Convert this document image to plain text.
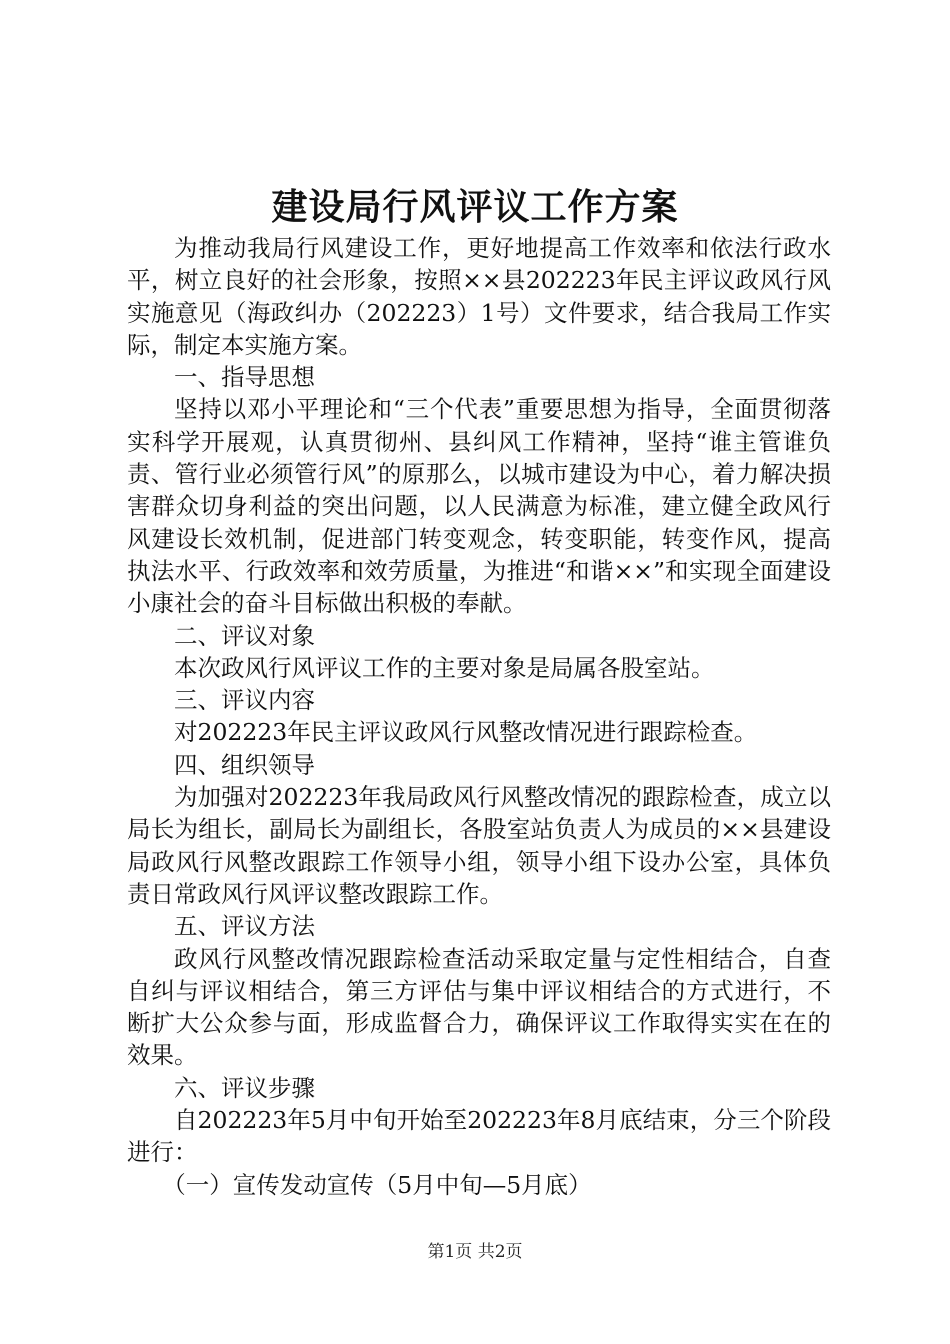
建设局行风评议工作方案

为推动我局行风建设工作，更好地提高工作效率和依法行政水平，树立良好的社会形象，按照××县202223年民主评议政风行风实施意见（海政纠办（202223）1号）文件要求，结合我局工作实际，制定本实施方案。

一、指导思想

坚持以邓小平理论和“三个代表”重要思想为指导，全面贯彻落实科学开展观，认真贯彻州、县纠风工作精神，坚持“谁主管谁负责、管行业必须管行风”的原那么，以城市建设为中心，着力解决损害群众切身利益的突出问题，以人民满意为标准，建立健全政风行风建设长效机制，促进部门转变观念，转变职能，转变作风，提高执法水平、行政效率和效劳质量，为推进“和谐××”和实现全面建设小康社会的奋斗目标做出积极的奉献。

二、评议对象

本次政风行风评议工作的主要对象是局属各股室站。

三、评议内容

对202223年民主评议政风行风整改情况进行跟踪检查。

四、组织领导

为加强对202223年我局政风行风整改情况的跟踪检查，成立以局长为组长，副局长为副组长，各股室站负责人为成员的××县建设局政风行风整改跟踪工作领导小组，领导小组下设办公室，具体负责日常政风行风评议整改跟踪工作。

五、评议方法

政风行风整改情况跟踪检查活动采取定量与定性相结合，自查自纠与评议相结合，第三方评估与集中评议相结合的方式进行，不断扩大公众参与面，形成监督合力，确保评议工作取得实实在在的效果。

六、评议步骤

自202223年5月中旬开始至202223年8月底结束，分三个阶段进行：

（一）宣传发动宣传（5月中旬—5月底）

第1页 共2页
